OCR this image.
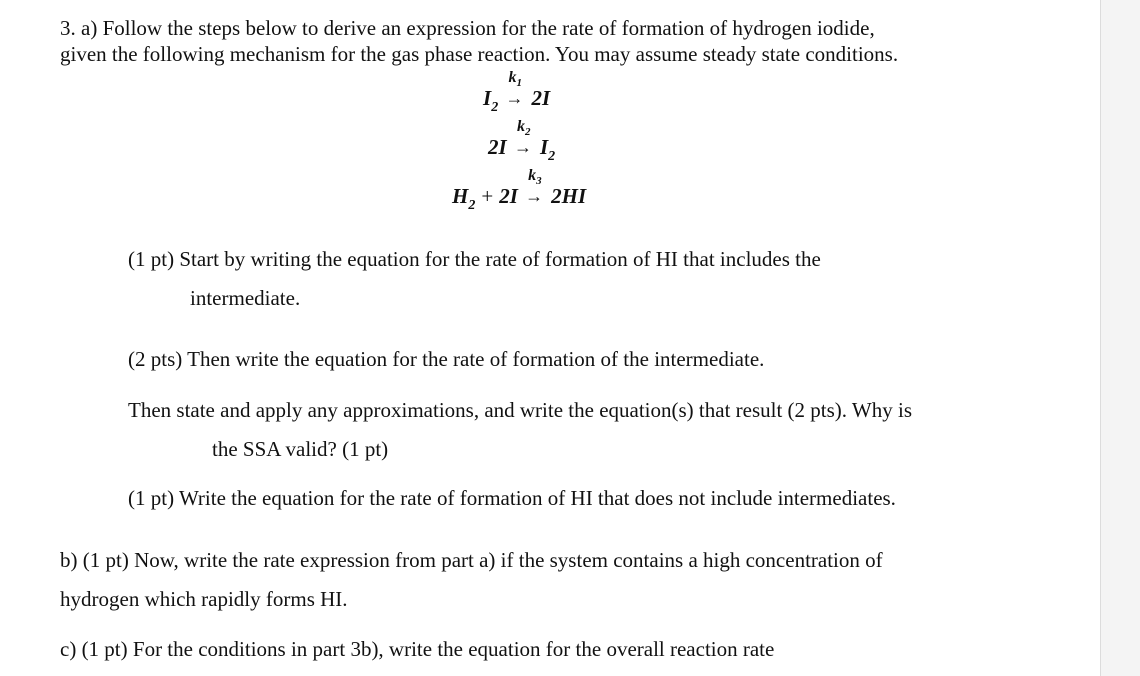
3. a) Follow the steps below to derive an expression for the rate of formation of hydrogen iodide,
given the following mechanism for the gas phase reaction. You may assume steady state conditions.
$I_2$
$k_1$
→ 2I
2I
$k_2$
→ $I_2$
$H_2 + 2I$
$k_3$
→ 2HI
(1 pt) Start by writing the equation for the rate of formation of HI that includes the
intermediate.
(2 pts) Then write the equation for the rate of formation of the intermediate.
Then state and apply any approximations, and write the equation(s) that result (2 pts). Why is
the SSA valid? (1 pt)
(1 pt) Write the equation for the rate of formation of HI that does not include intermediates.
b) (1 pt) Now, write the rate expression from part a) if the system contains a high concentration of
hydrogen which rapidly forms HI.
c) (1 pt) For the conditions in part 3b), write the equation for the overall reaction rate
